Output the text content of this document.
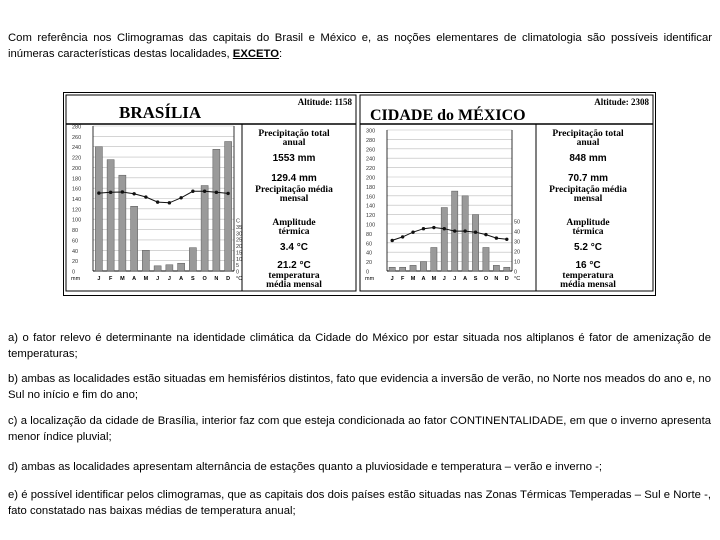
Com referência nos Climogramas das capitais do Brasil e México e, as noções elementares de climatologia são possíveis identificar inúmeras características destas localidades, EXCETO:
BRASÍLIA
Altitude: 1158
280
260
240
220
200
180
160
140
120
100
80
60
40
20
0
C
35
30
25
20
15
10
5
0
J F M A M J J A S O N D
mm	°C
Precipitação total
anual
1553 mm
129.4 mm
Precipitação média
mensal
Amplitude
térmica
3.4 °C
21.2 °C
temperatura
média mensal
CIDADE do MÉXICO
Altitude: 2308
300
280
260
240
220
200
180
160
140
120
100
80
60
40
20
0
50
40
30
20
10
0
J F M A M J J A S O N D
mm	°C
Precipitação total
anual
848 mm
70.7 mm
Precipitação média
mensal
Amplitude
térmica
5.2 °C
16 °C
temperatura
média mensal
a) o fator relevo é determinante na identidade climática da Cidade do México por estar situada nos altiplanos é fator de amenização de temperaturas;
b) ambas as localidades estão situadas em hemisférios distintos, fato que evidencia a inversão de verão, no Norte nos meados do ano e, no Sul no início e fim do ano;
c) a localização da cidade de Brasília, interior faz com que esteja condicionada ao fator CONTINENTALIDADE, em que o inverno apresenta menor índice pluvial;
d) ambas as localidades apresentam alternância de estações quanto a pluviosidade e temperatura – verão e inverno -;
e) é possível identificar pelos climogramas, que as capitais dos dois países estão situadas nas Zonas Térmicas Temperadas – Sul e Norte -, fato constatado nas baixas médias de temperatura anual;
